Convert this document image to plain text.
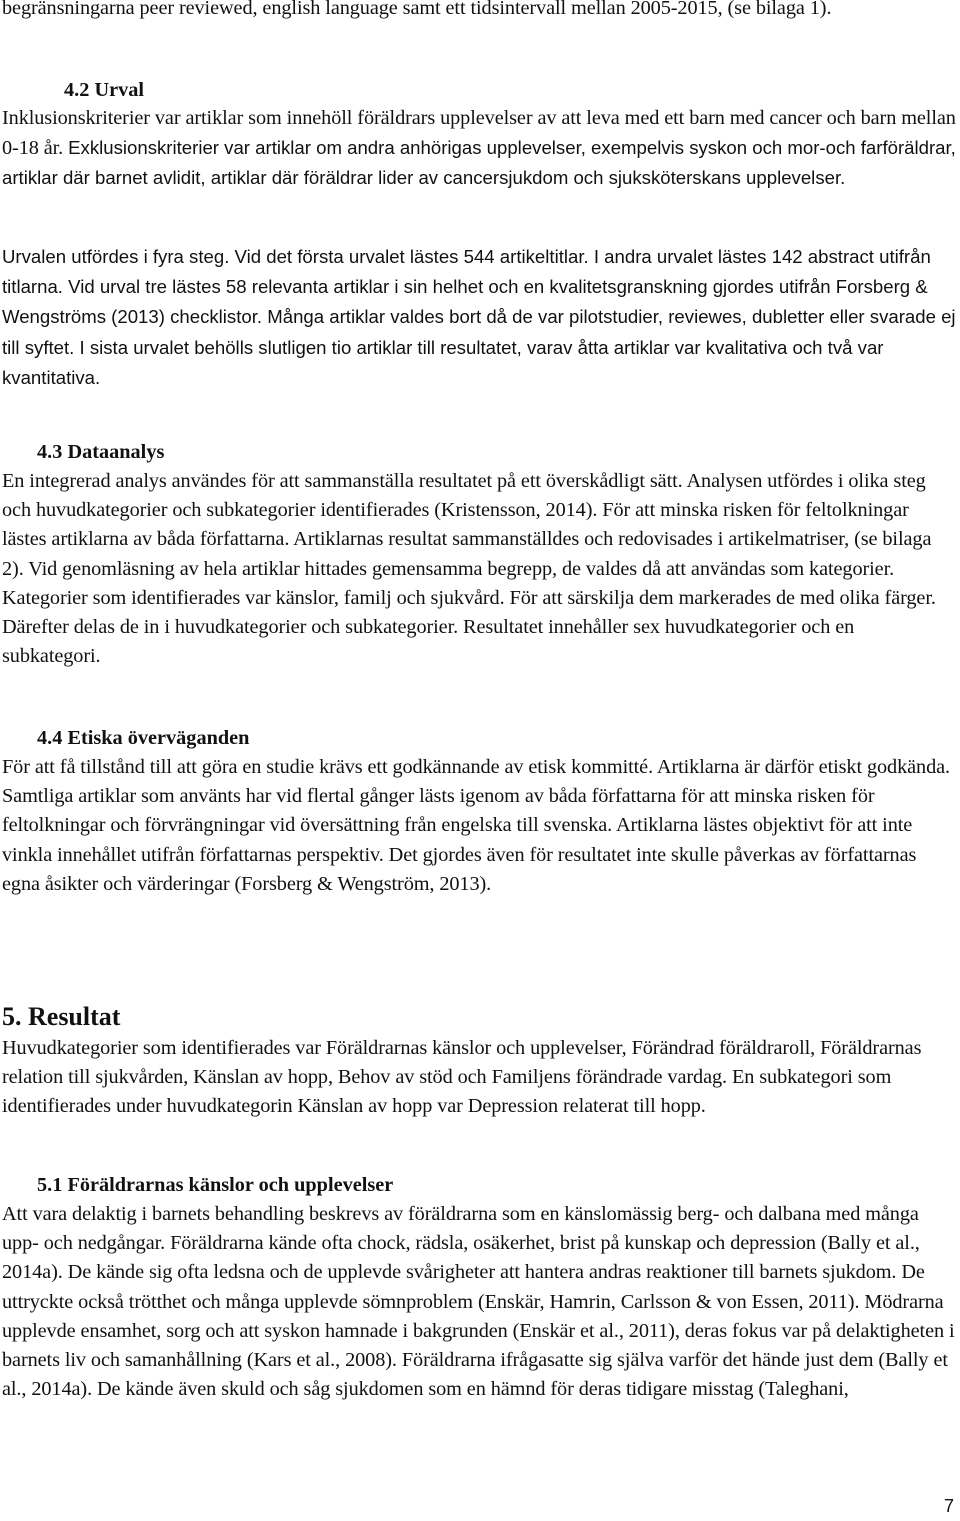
begränsningarna peer reviewed, english language samt ett tidsintervall mellan 2005-2015, (se bilaga 1).

4.2 Urval

Inklusionskriterier var artiklar som innehöll föräldrars upplevelser av att leva med ett barn med cancer och barn mellan 0-18 år. Exklusionskriterier var artiklar om andra anhörigas upplevelser, exempelvis syskon och mor-och farföräldrar, artiklar där barnet avlidit, artiklar där föräldrar lider av cancersjukdom och sjuksköterskans upplevelser.

Urvalen utfördes i fyra steg. Vid det första urvalet lästes 544 artikeltitlar. I andra urvalet lästes 142 abstract utifrån titlarna. Vid urval tre lästes 58 relevanta artiklar i sin helhet och en kvalitetsgranskning gjordes utifrån Forsberg & Wengströms (2013) checklistor. Många artiklar valdes bort då de var pilotstudier, reviewes, dubletter eller svarade ej till syftet. I sista urvalet behölls slutligen tio artiklar till resultatet, varav åtta artiklar var kvalitativa och två var kvantitativa.

4.3 Dataanalys

En integrerad analys användes för att sammanställa resultatet på ett överskådligt sätt. Analysen utfördes i olika steg och huvudkategorier och subkategorier identifierades (Kristensson, 2014). För att minska risken för feltolkningar lästes artiklarna av båda författarna. Artiklarnas resultat sammanställdes och redovisades i artikelmatriser, (se bilaga 2). Vid genomläsning av hela artiklar hittades gemensamma begrepp, de valdes då att användas som kategorier. Kategorier som identifierades var känslor, familj och sjukvård. För att särskilja dem markerades de med olika färger. Därefter delas de in i huvudkategorier och subkategorier. Resultatet innehåller sex huvudkategorier och en subkategori.

4.4 Etiska överväganden

För att få tillstånd till att göra en studie krävs ett godkännande av etisk kommitté. Artiklarna är därför etiskt godkända. Samtliga artiklar som använts har vid flertal gånger lästs igenom av båda författarna för att minska risken för feltolkningar och förvrängningar vid översättning från engelska till svenska. Artiklarna lästes objektivt för att inte vinkla innehållet utifrån författarnas perspektiv. Det gjordes även för resultatet inte skulle påverkas av författarnas egna åsikter och värderingar (Forsberg & Wengström, 2013).

5. Resultat

Huvudkategorier som identifierades var Föräldrarnas känslor och upplevelser, Förändrad föräldraroll, Föräldrarnas relation till sjukvården, Känslan av hopp, Behov av stöd och Familjens förändrade vardag. En subkategori som identifierades under huvudkategorin Känslan av hopp var Depression relaterat till hopp.

5.1 Föräldrarnas känslor och upplevelser

Att vara delaktig i barnets behandling beskrevs av föräldrarna som en känslomässig berg- och dalbana med många upp- och nedgångar. Föräldrarna kände ofta chock, rädsla, osäkerhet, brist på kunskap och depression (Bally et al., 2014a). De kände sig ofta ledsna och de upplevde svårigheter att hantera andras reaktioner till barnets sjukdom. De uttryckte också trötthet och många upplevde sömnproblem (Enskär, Hamrin, Carlsson & von Essen, 2011). Mödrarna upplevde ensamhet, sorg och att syskon hamnade i bakgrunden (Enskär et al., 2011), deras fokus var på delaktigheten i barnets liv och samanhållning (Kars et al., 2008). Föräldrarna ifrågasatte sig själva varför det hände just dem (Bally et al., 2014a). De kände även skuld och såg sjukdomen som en hämnd för deras tidigare misstag (Taleghani,

7
